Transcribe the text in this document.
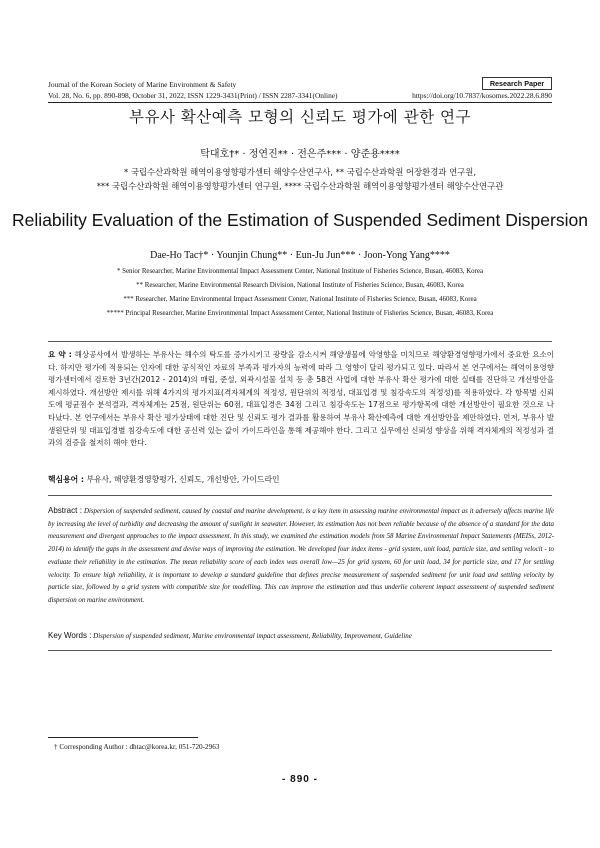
Journal of the Korean Society of Marine Environment & Safety	Research Paper
Vol. 28, No. 6, pp. 890-898, October 31, 2022, ISSN 1229-3431(Print) / ISSN 2287-3341(Online)	https://doi.org/10.7837/kosomes.2022.28.6.890
부유사 확산예측 모형의 신뢰도 평가에 관한 연구
탁대호†* · 정연진** · 전은주*** · 양준용****
* 국립수산과학원 해역이용영향평가센터 해양수산연구사, ** 국립수산과학원 어장환경과 연구원,
*** 국립수산과학원 해역이용영향평가센터 연구원, **** 국립수산과학원 해역이용영향평가센터 해양수산연구관
Reliability Evaluation of the Estimation of Suspended Sediment Dispersion
Dae-Ho Tac†* · Younjin Chung** · Eun-Ju Jun*** · Joon-Yong Yang****
* Senior Researcher, Marine Environmental Impact Assessment Center, National Institute of Fisheries Science, Busan, 46083, Korea
** Researcher, Marine Environmental Research Division, National Institute of Fisheries Science, Busan, 46083, Korea
*** Researcher, Marine Environmental Impact Assessment Center, National Institute of Fisheries Science, Busan, 46083, Korea
***** Principal Researcher, Marine Environmental Impact Assessment Center, National Institute of Fisheries Science, Busan, 46083, Korea
요 약 : 해상공사에서 발생하는 부유사는 해수의 탁도를 증가시키고 광량을 감소시켜 해양생물에 악영향을 미치므로 해양환경영향평가에서 중요한 요소이다. 하지만 평가에 적용되는 인자에 대한 공식적인 자료의 부족과 평가자의 능력에 따라 그 영향이 달리 평가되고 있다. 따라서 본 연구에서는 해역이용영향평가센터에서 검토한 3년간(2012 - 2014)의 매립, 준설, 외곽시설물 설치 등 총 58건 사업에 대한 부유사 확산 평가에 대한 실태를 진단하고 개선방안을 제시하였다. 개선방안 제시를 위해 4가지의 평가지표(격자체계의 적정성, 원단위의 적정성, 대표입경 및 침강속도의 적정성)를 적용하였다. 각 항목별 신뢰도에 평균점수 분석결과, 격자체계는 25점, 원단위는 60점, 대표입경은 34점 그리고 침강속도는 17점으로 평가항목에 대한 개선방안이 필요한 것으로 나타났다. 본 연구에서는 부유사 확산 평가상태에 대한 진단 및 신뢰도 평가 결과를 활용하여 부유사 확산예측에 대한 개선방안을 제안하였다. 먼저, 부유사 발생원단위 및 대표입경별 침강속도에 대한 공신력 있는 값이 가이드라인을 통해 제공해야 한다. 그리고 실무에선 신뢰성 향상을 위해 격자체계의 적정성과 결과의 검증을 철저히 해야 한다.
핵심용어 : 부유사, 해양환경영향평가, 신뢰도, 개선방안, 가이드라인
Abstract : Dispersion of suspended sediment, caused by coastal and marine development, is a key item in assessing marine environmental impact as it adversely affects marine life by increasing the level of turbidity and decreasing the amount of sunlight in seawater. However, its estimation has not been reliable because of the absence of a standard for the data measurement and divergent approaches to the impact assessment. In this study, we examined the estimation models from 58 Marine Environmental Impact Statements (MEISs, 2012-2014) to identify the gaps in the assessment and devise ways of improving the estimation. We developed four index items - grid system, unit load, particle size, and settling velocit - to evaluate their reliability in the estimation. The mean reliability score of each index was overall low—25 for grid system, 60 for unit load, 34 for particle size, and 17 for settling velocity. To ensure high reliability, it is important to develop a standard guideline that defines precise measurement of suspended sediment for unit load and settling velocity by particle size, followed by a grid system with compatible size for modelling. This can improve the estimation and thus underlie coherent impact assessment of suspended sediment dispersion on marine environment.
Key Words : Dispersion of suspended sediment, Marine environmental impact assessment, Reliability, Improvement, Guideline
† Corresponding Author : dhtac@korea.kr, 051-720-2963
- 890 -
